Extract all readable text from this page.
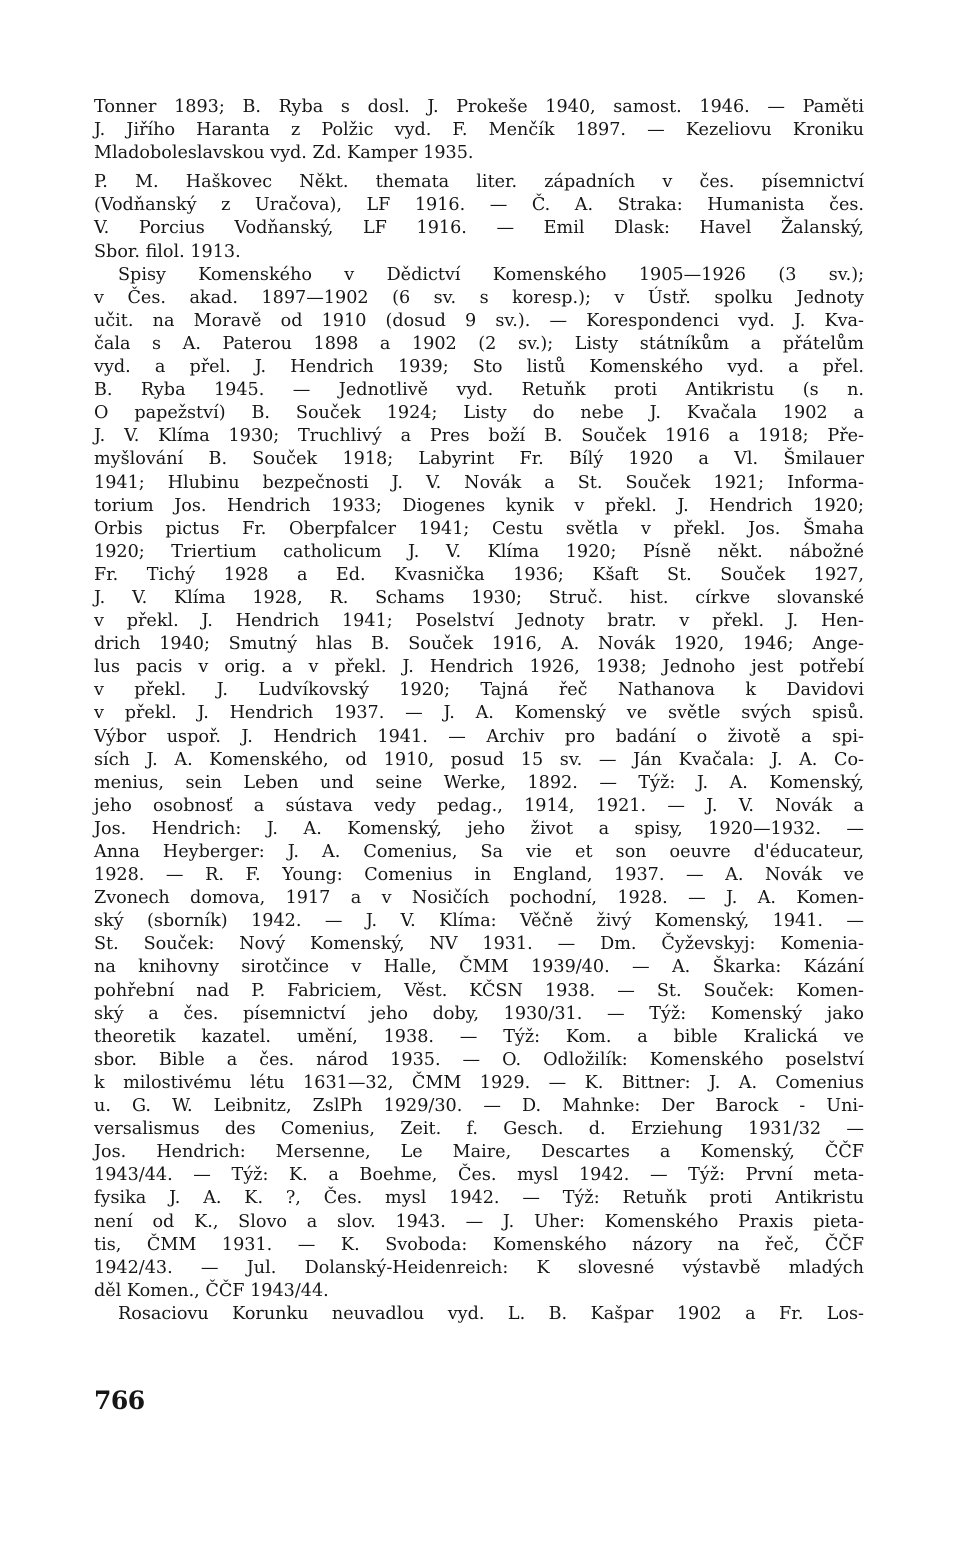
Tonner 1893; B. Ryba s dosl. J. Prokeše 1940, samost. 1946. — Paměti
J. Jiřího Haranta z Polžic vyd. F. Menčík 1897. — Kezeliovu Kroniku
Mladoboleslavskou vyd. Zd. Kamper 1935.
P. M. Haškovec Někt. themata liter. západních v čes. písemnictví
(Vodňanský z Uračova), LF 1916. — Č. A. Straka: Humanista čes.
V. Porcius Vodňanský, LF 1916. — Emil Dlask: Havel Žalanský,
Sbor. filol. 1913.
Spisy Komenského v Dědictví Komenského 1905—1926 (3 sv.);
v Čes. akad. 1897—1902 (6 sv. s koresp.); v Ústř. spolku Jednoty
učit. na Moravě od 1910 (dosud 9 sv.). — Korespondenci vyd. J. Kva-
čala s A. Paterou 1898 a 1902 (2 sv.); Listy státníkům a přátelům
vyd. a přel. J. Hendrich 1939; Sto listů Komenského vyd. a přel.
B. Ryba 1945. — Jednotlivě vyd. Retuňk proti Antikristu (s n.
O papežství) B. Souček 1924; Listy do nebe J. Kvačala 1902 a
J. V. Klíma 1930; Truchlivý a Pres boží B. Souček 1916 a 1918; Pře-
myšlování B. Souček 1918; Labyrint Fr. Bílý 1920 a Vl. Šmilauer
1941; Hlubinu bezpečnosti J. V. Novák a St. Souček 1921; Informa-
torium Jos. Hendrich 1933; Diogenes kynik v překl. J. Hendrich 1920;
Orbis pictus Fr. Oberpfalcer 1941; Cestu světla v překl. Jos. Šmaha
1920; Triertium catholicum J. V. Klíma 1920; Písně někt. nábožné
Fr. Tichý 1928 a Ed. Kvasnička 1936; Kšaft St. Souček 1927,
J. V. Klíma 1928, R. Schams 1930; Struč. hist. církve slovanské
v překl. J. Hendrich 1941; Poselství Jednoty bratr. v překl. J. Hen-
drich 1940; Smutný hlas B. Souček 1916, A. Novák 1920, 1946; Ange-
lus pacis v orig. a v překl. J. Hendrich 1926, 1938; Jednoho jest potřebí
v překl. J. Ludvíkovský 1920; Tajná řeč Nathanova k Davidovi
v překl. J. Hendrich 1937. — J. A. Komenský ve světle svých spisů.
Výbor uspoř. J. Hendrich 1941. — Archiv pro badání o životě a spi-
sích J. A. Komenského, od 1910, posud 15 sv. — Ján Kvačala: J. A. Co-
menius, sein Leben und seine Werke, 1892. — Týž: J. A. Komenský,
jeho osobnosť a sústava vedy pedag., 1914, 1921. — J. V. Novák a
Jos. Hendrich: J. A. Komenský, jeho život a spisy, 1920—1932. —
Anna Heyberger: J. A. Comenius, Sa vie et son oeuvre d'éducateur,
1928. — R. F. Young: Comenius in England, 1937. — A. Novák ve
Zvonech domova, 1917 a v Nosičích pochodní, 1928. — J. A. Komen-
ský (sborník) 1942. — J. V. Klíma: Věčně živý Komenský, 1941. —
St. Souček: Nový Komenský, NV 1931. — Dm. Čyževskyj: Komenia-
na knihovny sirotčince v Halle, ČMM 1939/40. — A. Škarka: Kázání
pohřební nad P. Fabriciem, Věst. KČSN 1938. — St. Souček: Komen-
ský a čes. písemnictví jeho doby, 1930/31. — Týž: Komenský jako
theoretik kazatel. umění, 1938. — Týž: Kom. a bible Kralická ve
sbor. Bible a čes. národ 1935. — O. Odložilík: Komenského poselství
k milostivému létu 1631—32, ČMM 1929. — K. Bittner: J. A. Comenius
u. G. W. Leibnitz, ZslPh 1929/30. — D. Mahnke: Der Barock - Uni-
versalismus des Comenius, Zeit. f. Gesch. d. Erziehung 1931/32 —
Jos. Hendrich: Mersenne, Le Maire, Descartes a Komenský, ČČF
1943/44. — Týž: K. a Boehme, Čes. mysl 1942. — Týž: První meta-
fysika J. A. K. ?, Čes. mysl 1942. — Týž: Retuňk proti Antikristu
není od K., Slovo a slov. 1943. — J. Uher: Komenského Praxis pietа-
tis, ČMM 1931. — K. Svoboda: Komenského názory na řeč, ČČF
1942/43. — Jul. Dolanský-Heidenreich: K slovesné výstavbě mladých
děl Komen., ČČF 1943/44.
Rosaciovu Korunku neuvadlou vyd. L. B. Kašpar 1902 a Fr. Los-
766
